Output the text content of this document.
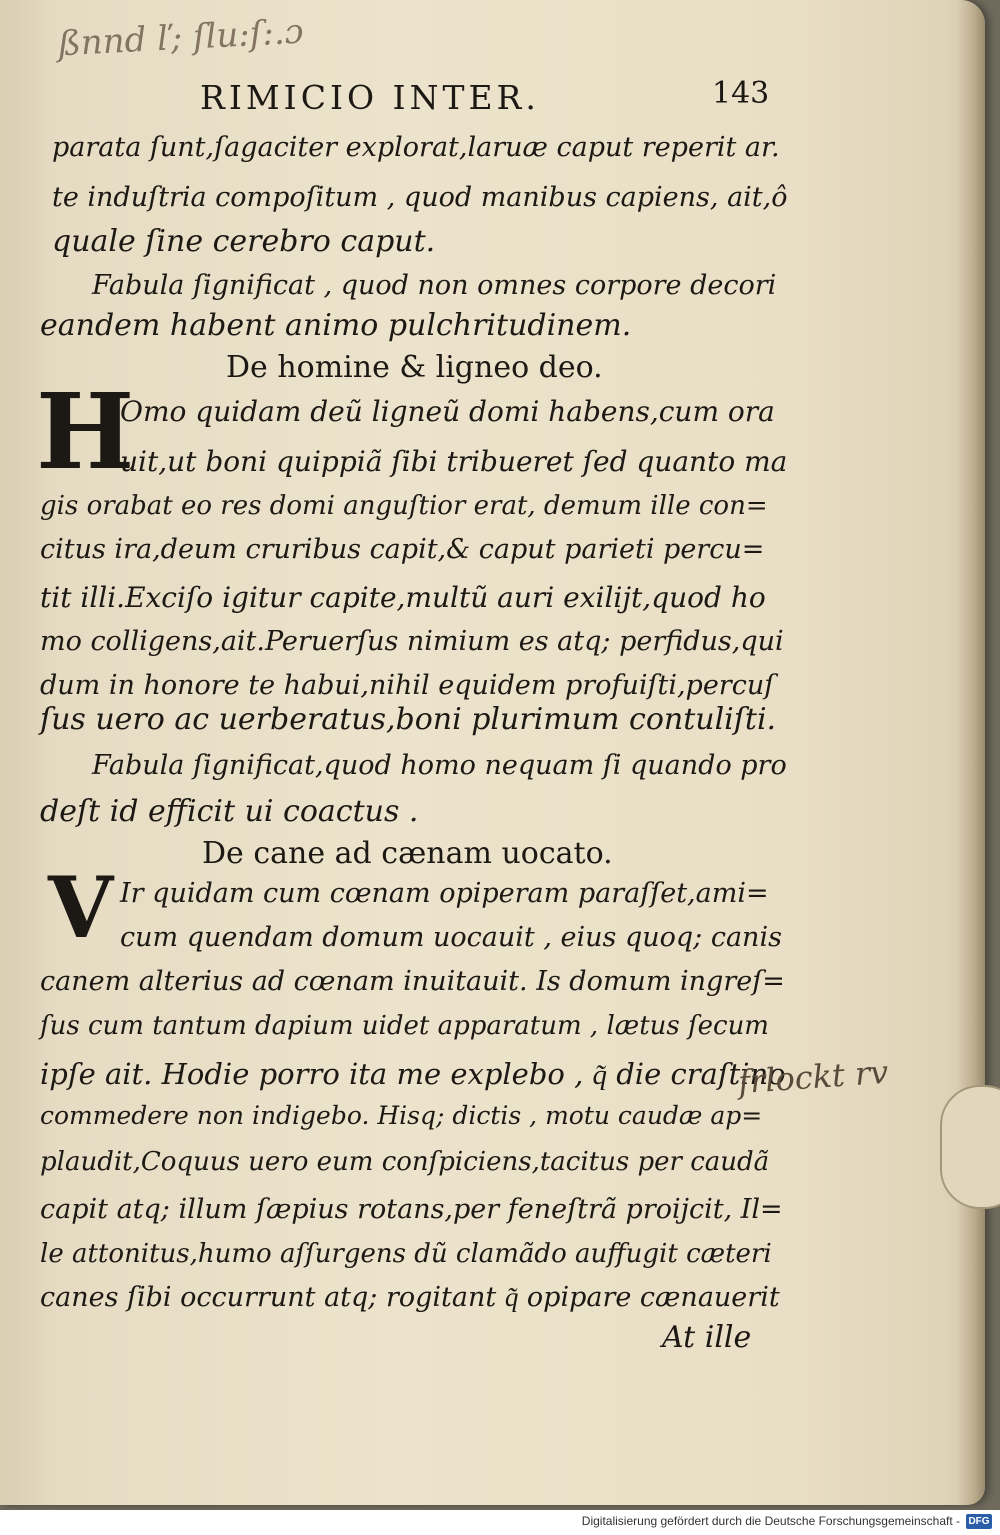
ßnnd ľ; ſlu:ſ:.ɔ
RIMICIO INTER.	143
parata ſunt,ſagaciter explorat,laruæ caput reperit ar.
te induſtria compoſitum , quod manibus capiens, ait,ô
quale ſine cerebro caput.
Fabula ſignificat , quod non omnes corpore decori
eandem habent animo pulchritudinem.
De homine & ligneo deo.
H
Omo quidam deũ ligneũ domi habens,cum ora
uit,ut boni quippiã ſibi tribueret ſed quanto ma
gis orabat eo res domi anguſtior erat, demum ille con=
citus ira,deum cruribus capit,& caput parieti percu=
tit illi.Exciſo igitur capite,multũ auri exilijt,quod ho
mo colligens,ait.Peruerſus nimium es atq; perfidus,qui
dum in honore te habui,nihil equidem profuiſti,percuſ
ſus uero ac uerberatus,boni plurimum contuliſti.
Fabula ſignificat,quod homo nequam ſi quando pro
deſt id efficit ui coactus .
De cane ad cænam uocato.
V Ir quidam cum cœnam opiperam paraſſet,ami=
cum quendam domum uocauit , eius quoq; canis
canem alterius ad cœnam inuitauit. Is domum ingreſ=
ſus cum tantum dapium uidet apparatum , lætus ſecum
ipſe ait. Hodie porro ita me explebo , q͂ die craſtino
commedere non indigebo. Hisq; dictis , motu caudæ ap=
plaudit,Coquus uero eum conſpiciens,tacitus per caudã
capit atq; illum ſæpius rotans,per feneſtrã proijcit, Il=
le attonitus,humo aſſurgens dũ clamãdo auffugit cæteri
canes ſibi occurrunt atq; rogitant q͂ opipare cænauerit
At ille
frlockt rv
Digitalisierung gefördert durch die Deutsche Forschungsgemeinschaft - DFG
